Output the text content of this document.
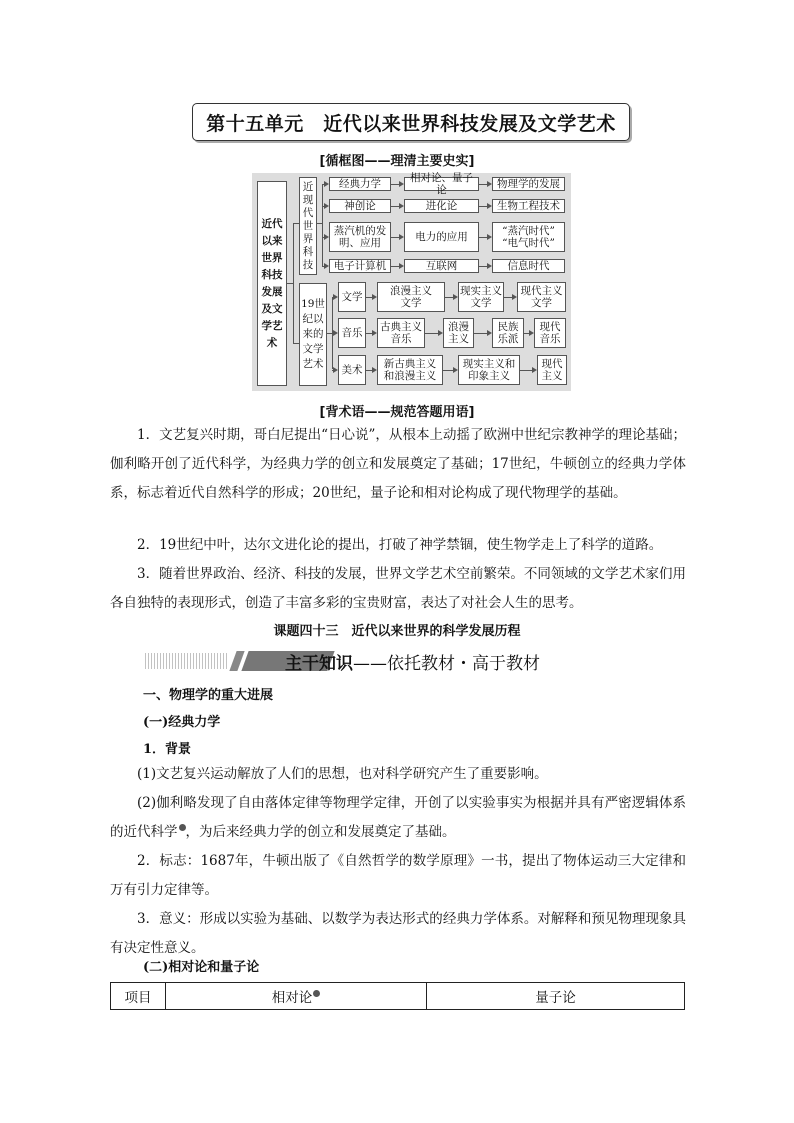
第十五单元　近代以来世界科技发展及文学艺术
[循框图——理清主要史实]
近代
以来
世界
科技
发展
及文
学艺
术
近
现
代
世
界
科
技
19世
纪以
来的
文学
艺术
经典力学	相对论、量子论	物理学的发展
神创论	进化论	生物工程技术
蒸汽机的发
明、应用	电力的应用	“蒸汽时代”
“电气时代”
电子计算机	互联网	信息时代
文学	浪漫主义
文学
现实主义
文学
现代主义
文学
音乐	古典主义
音乐
浪漫
主义
民族
乐派
现代
音乐
美术	新古典主义
和浪漫主义
现实主义和
印象主义
现代
主义
[背术语——规范答题用语]
1．文艺复兴时期，哥白尼提出“日心说”，从根本上动摇了欧洲中世纪宗教神学的理论基础；伽利略开创了近代科学，为经典力学的创立和发展奠定了基础；17世纪，牛顿创立的经典力学体系，标志着近代自然科学的形成；20世纪，量子论和相对论构成了现代物理学的基础。
2．19世纪中叶，达尔文进化论的提出，打破了神学禁锢，使生物学走上了科学的道路。
3．随着世界政治、经济、科技的发展，世界文学艺术空前繁荣。不同领域的文学艺术家们用各自独特的表现形式，创造了丰富多彩的宝贵财富，表达了对社会人生的思考。
课题四十三　近代以来世界的科学发展历程
主干知识——依托教材・高于教材
一、物理学的重大进展
(一)经典力学
1．背景
(1)文艺复兴运动解放了人们的思想，也对科学研究产生了重要影响。
(2)伽利略发现了自由落体定律等物理学定律，开创了以实验事实为根据并具有严密逻辑体系的近代科学 ，为后来经典力学的创立和发展奠定了基础。
2．标志：1687年，牛顿出版了《自然哲学的数学原理》一书，提出了物体运动三大定律和万有引力定律等。
3．意义：形成以实验为基础、以数学为表达形式的经典力学体系。对解释和预见物理现象具有决定性意义。
(二)相对论和量子论
项目	相对论	量子论
